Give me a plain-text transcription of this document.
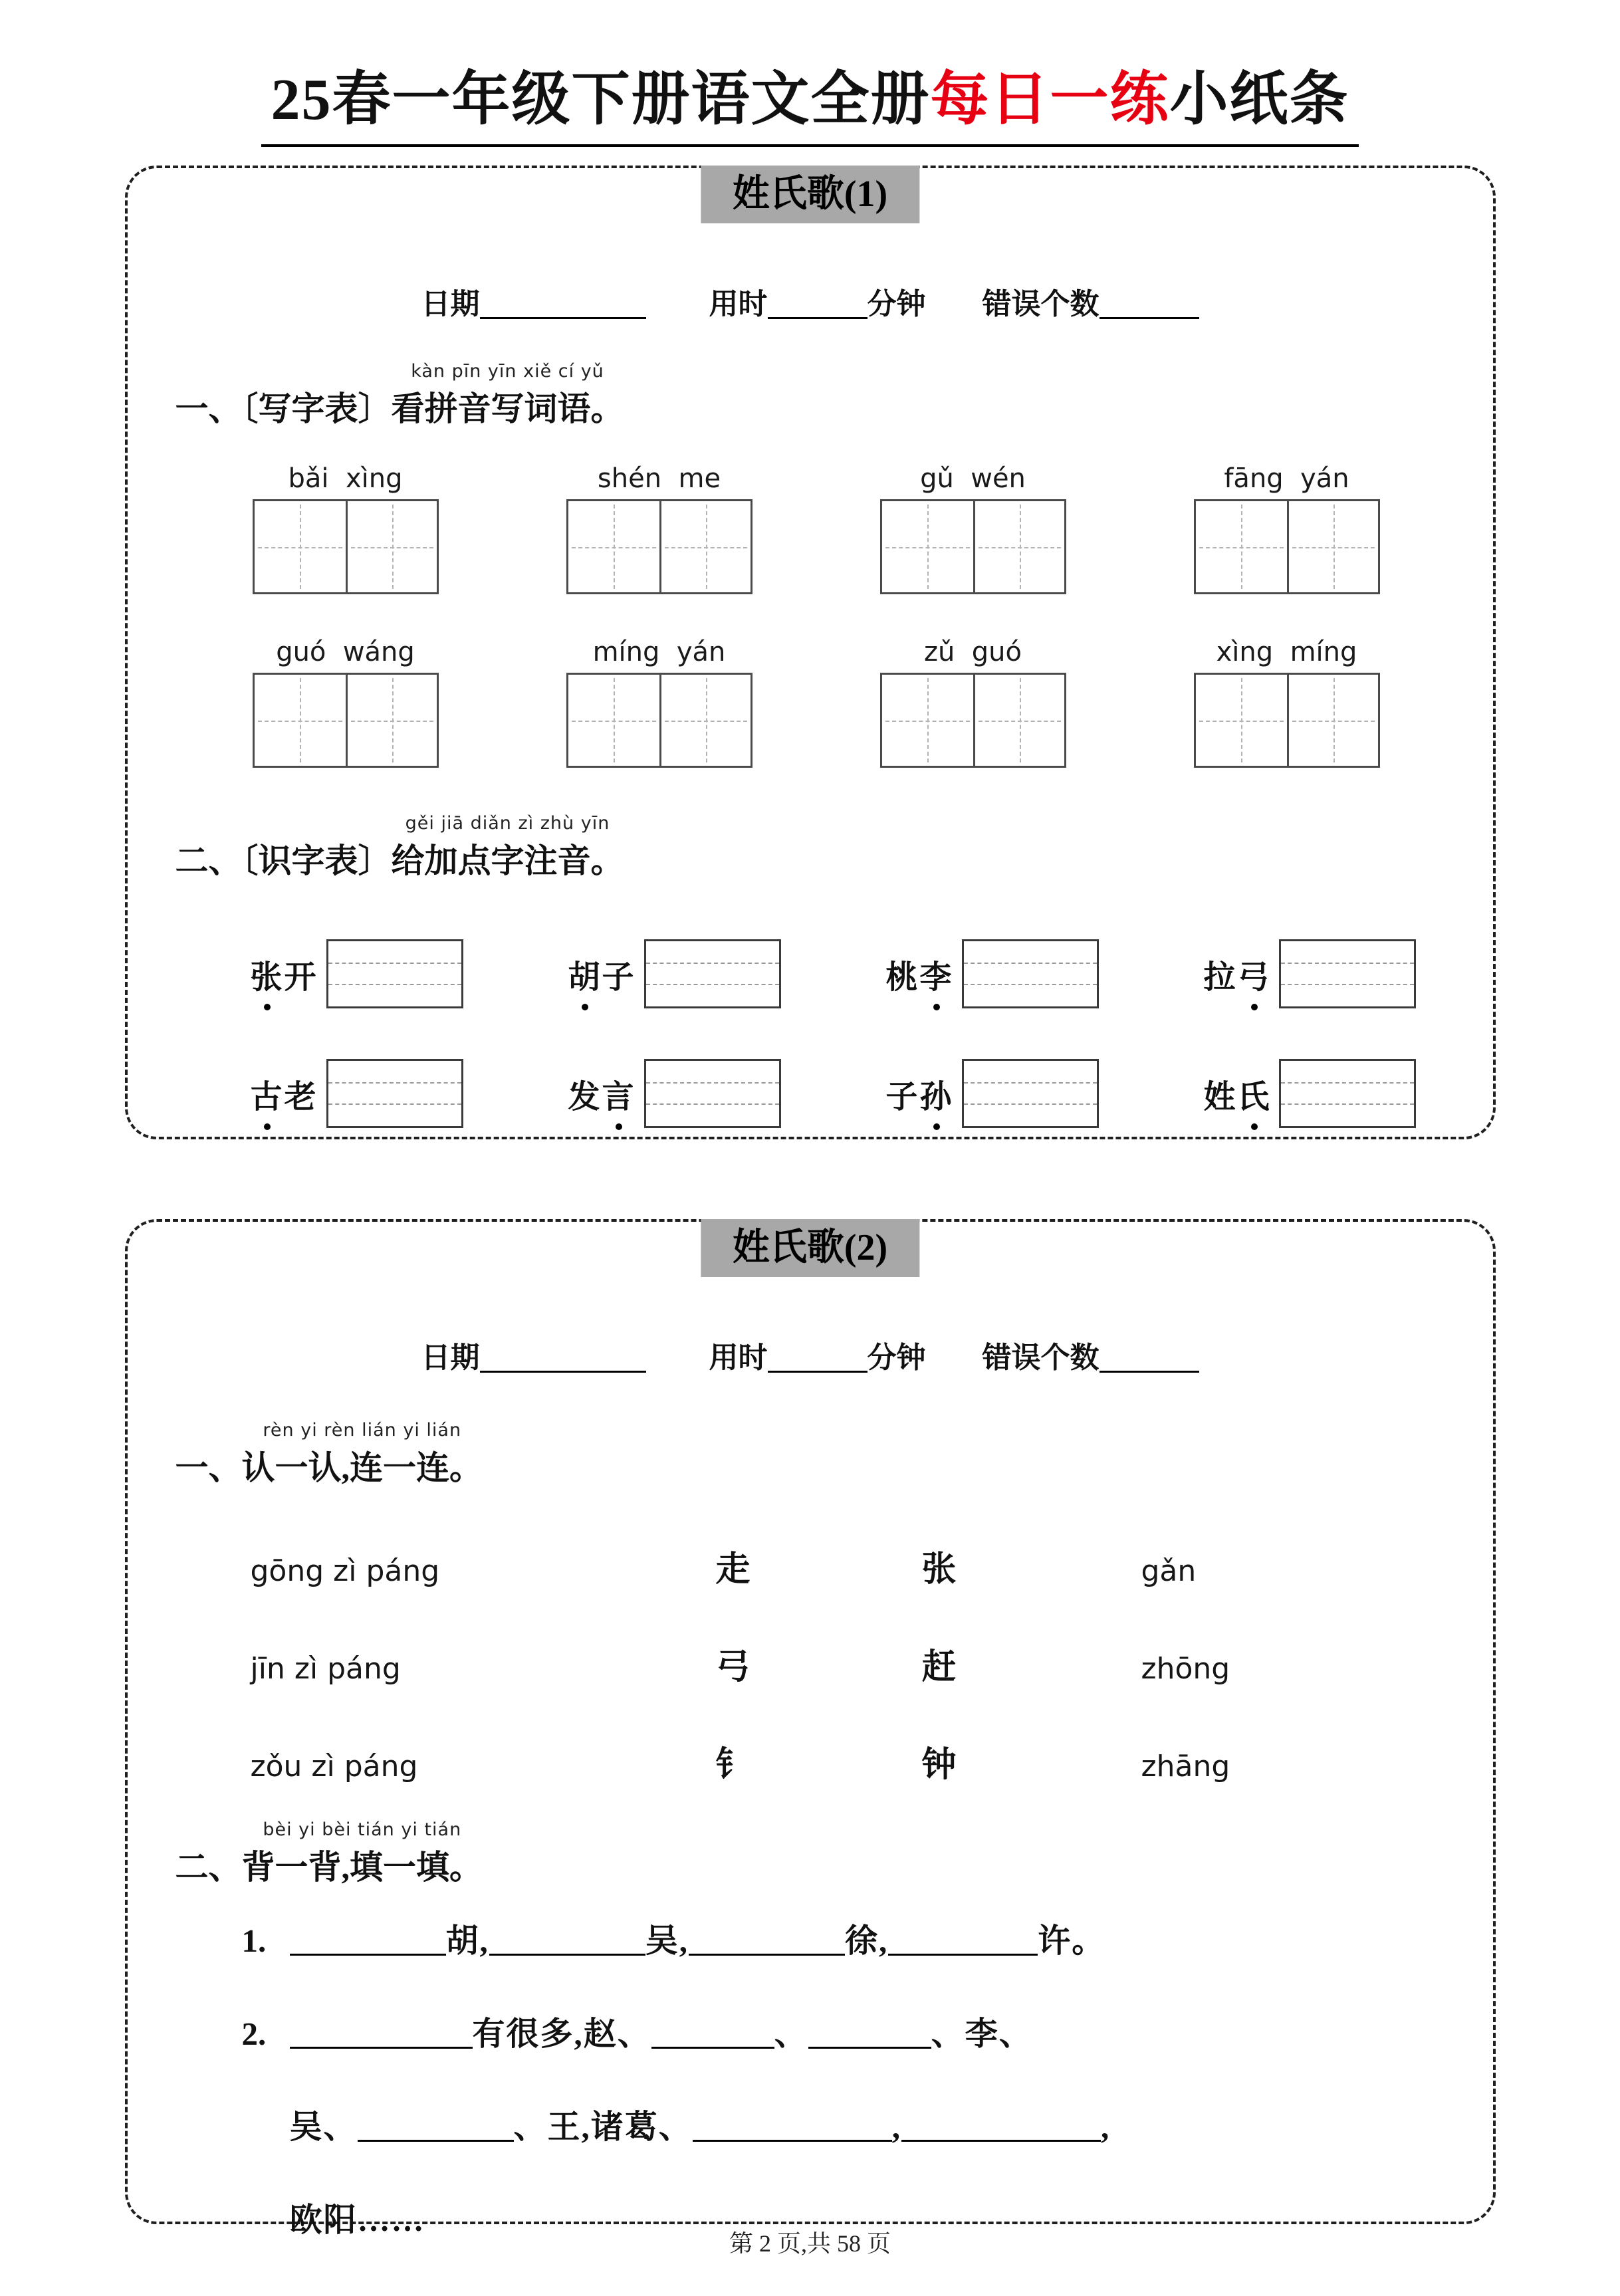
25春一年级下册语文全册每日一练小纸条
姓氏歌(1)
日期	用时	分钟 错误个数
一、〔写字表〕
kàn pīn yīn xiě cí yǔ
看拼音写词语。
bǎi  xìng	shén  me	gǔ  wén	fāng  yán
guó  wáng	míng  yán	zǔ  guó	xìng  míng
二、〔识字表〕
gěi jiā diǎn zì zhù yīn
给加点字注音。
张开	胡子	桃李	拉弓
古老	发言	子孙	姓氏
姓氏歌(2)
日期	用时	分钟 错误个数
一、
rèn yi rèn lián yi lián
认一认,连一连。
gōng zì páng	走	张	gǎn
jīn zì páng	弓	赶	zhōng
zǒu zì páng	钅	钟	zhāng
二、
bèi yi bèi tián yi tián
背一背,填一填。
1.	胡,	吴,	徐,	许。
2.	有很多,赵、	、	、李、
吴、	、王,诸葛、	,	,
欧阳……
第 2 页,共 58 页
